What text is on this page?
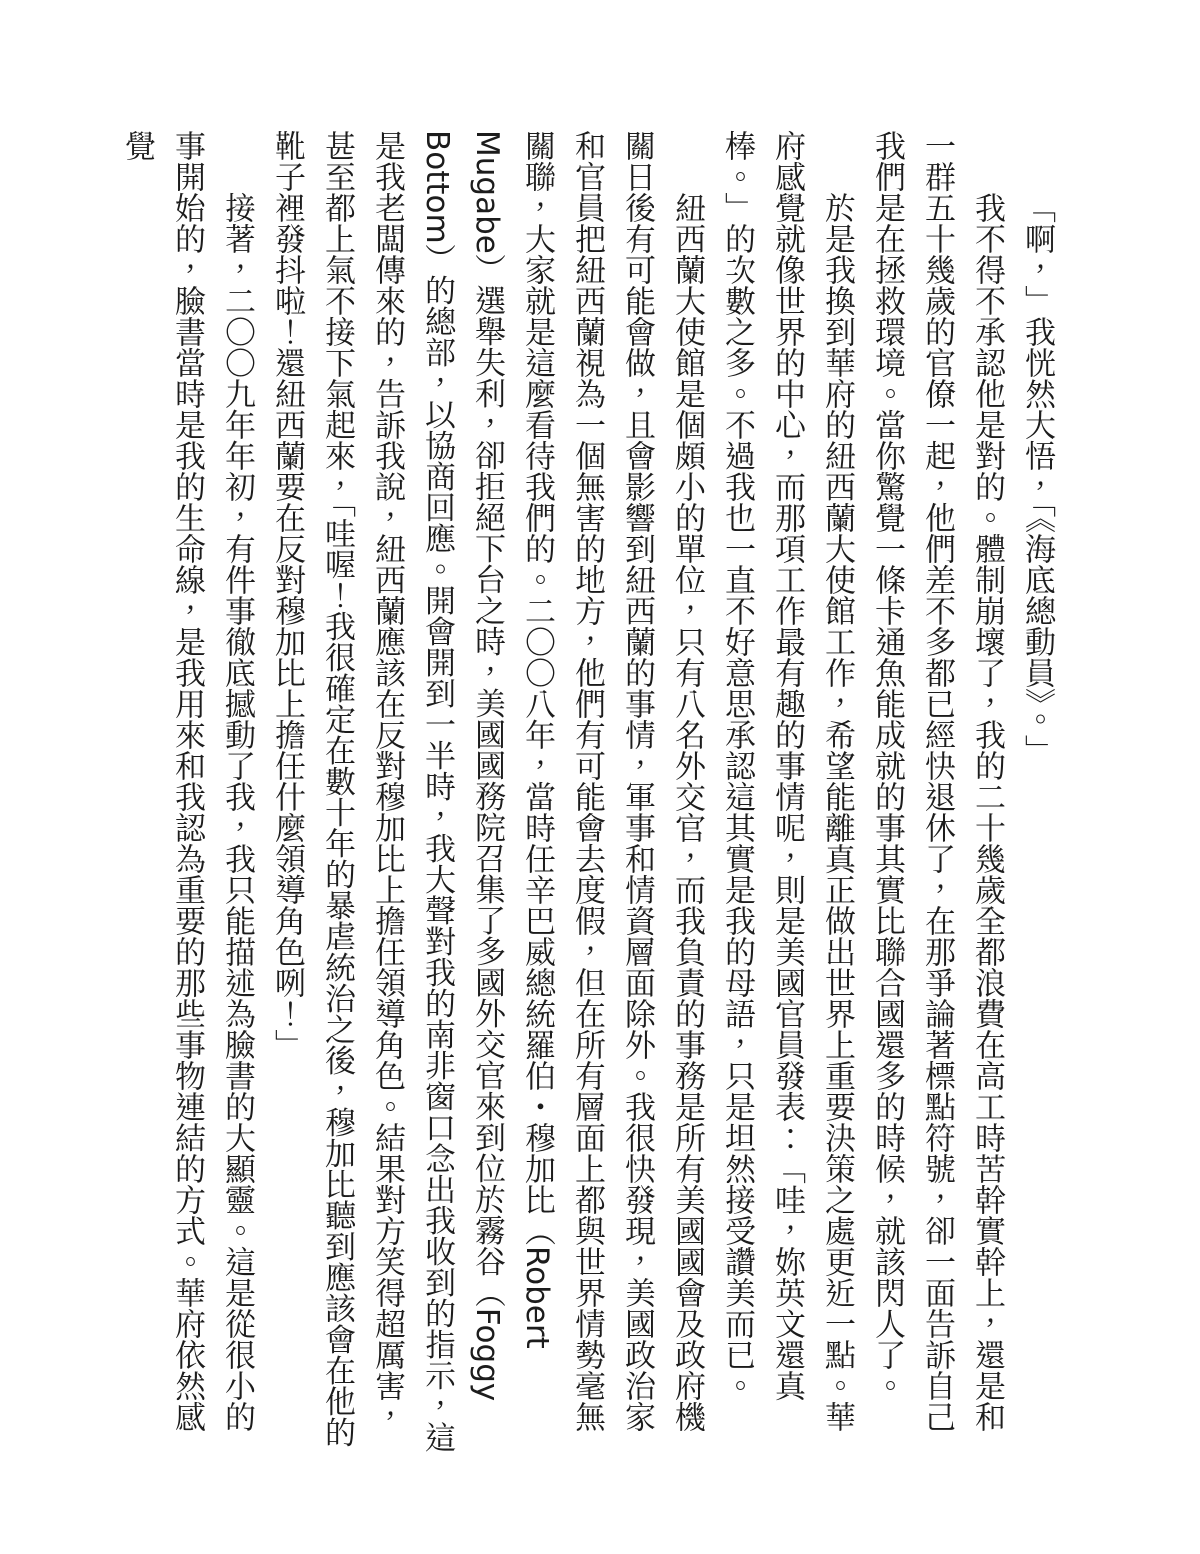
「啊，」我恍然大悟，「《海底總動員》。」

我不得不承認他是對的。體制崩壞了，我的二十幾歲全都浪費在高工時苦幹實幹上，還是和一群五十幾歲的官僚一起，他們差不多都已經快退休了，在那爭論著標點符號，卻一面告訴自己我們是在拯救環境。當你驚覺一條卡通魚能成就的事其實比聯合國還多的時候，就該閃人了。

於是我換到華府的紐西蘭大使館工作，希望能離真正做出世界上重要決策之處更近一點。華府感覺就像世界的中心，而那項工作最有趣的事情呢，則是美國官員發表：「哇，妳英文還真棒。」的次數之多。不過我也一直不好意思承認這其實是我的母語，只是坦然接受讚美而已。

紐西蘭大使館是個頗小的單位，只有八名外交官，而我負責的事務是所有美國國會及政府機關日後有可能會做，且會影響到紐西蘭的事情，軍事和情資層面除外。我很快發現，美國政治家和官員把紐西蘭視為一個無害的地方，他們有可能會去度假，但在所有層面上都與世界情勢毫無關聯，大家就是這麼看待我們的。二〇〇八年，當時任辛巴威總統羅伯・穆加比（Robert Mugabe）選舉失利，卻拒絕下台之時，美國國務院召集了多國外交官來到位於霧谷（Foggy Bottom）的總部，以協商回應。開會開到一半時，我大聲對我的南非窗口念出我收到的指示，這是我老闆傳來的，告訴我說，紐西蘭應該在反對穆加比上擔任領導角色。結果對方笑得超厲害，甚至都上氣不接下氣起來，「哇喔！我很確定在數十年的暴虐統治之後，穆加比聽到應該會在他的靴子裡發抖啦！還紐西蘭要在反對穆加比上擔任什麼領導角色咧！」

接著，二〇〇九年年初，有件事徹底撼動了我，我只能描述為臉書的大顯靈。這是從很小的事開始的，臉書當時是我的生命線，是我用來和我認為重要的那些事物連結的方式。華府依然感覺
